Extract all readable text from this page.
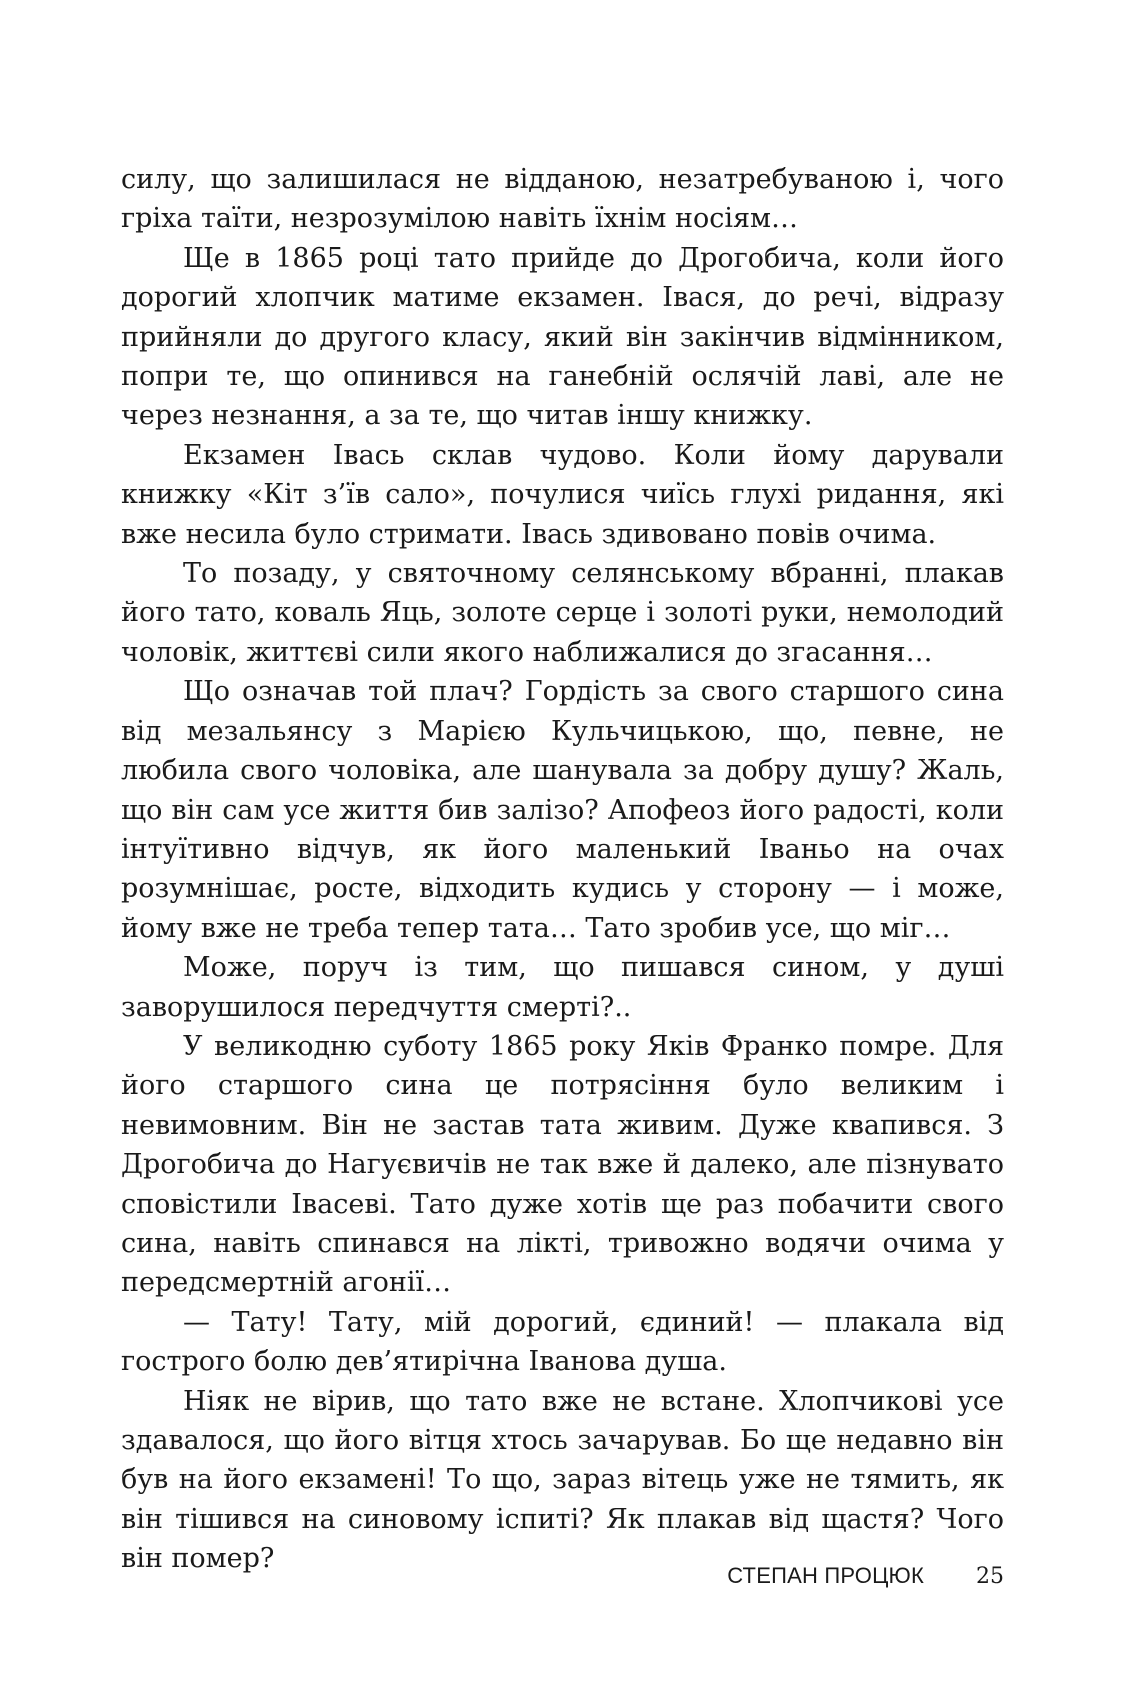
силу, що залишилася не відданою, незатребуваною і, чого гріха таїти, незрозумілою навіть їхнім носіям…

Ще в 1865 році тато прийде до Дрогобича, коли його дорогий хлопчик матиме екзамен. Івася, до речі, відразу прийняли до другого класу, який він закінчив відмінником, попри те, що опинився на ганебній ослячій лаві, але не через незнання, а за те, що читав іншу книжку.

Екзамен Івась склав чудово. Коли йому дарували книжку «Кіт з’їв сало», почулися чиїсь глухі ридання, які вже несила було стримати. Івась здивовано повів очима.

То позаду, у святочному селянському вбранні, плакав його тато, коваль Яць, золоте серце і золоті руки, немолодий чоловік, життєві сили якого наближалися до згасання…

Що означав той плач? Гордість за свого старшого сина від мезальянсу з Марією Кульчицькою, що, певне, не любила свого чоловіка, але шанувала за добру душу? Жаль, що він сам усе життя бив залізо? Апофеоз його радості, коли інтуїтивно відчув, як його маленький Іваньо на очах розумнішає, росте, відходить кудись у сторону — і може, йому вже не треба тепер тата… Тато зробив усе, що міг…

Може, поруч із тим, що пишався сином, у душі заворушилося передчуття смерті?..

У великодню суботу 1865 року Яків Франко помре. Для його старшого сина це потрясіння було великим і невимовним. Він не застав тата живим. Дуже квапився. З Дрогобича до Нагуєвичів не так вже й далеко, але пізнувато сповістили Івасеві. Тато дуже хотів ще раз побачити свого сина, навіть спинався на лікті, тривожно водячи очима у передсмертній агонії…

— Тату! Тату, мій дорогий, єдиний! — плакала від гострого болю дев’ятирічна Іванова душа.

Ніяк не вірив, що тато вже не встане. Хлопчикові усе здавалося, що його вітця хтось зачарував. Бо ще недавно він був на його екзамені! То що, зараз вітець уже не тямить, як він тішився на синовому іспиті? Як плакав від щастя? Чого він помер?

СТЕПАН ПРОЦЮК 25
